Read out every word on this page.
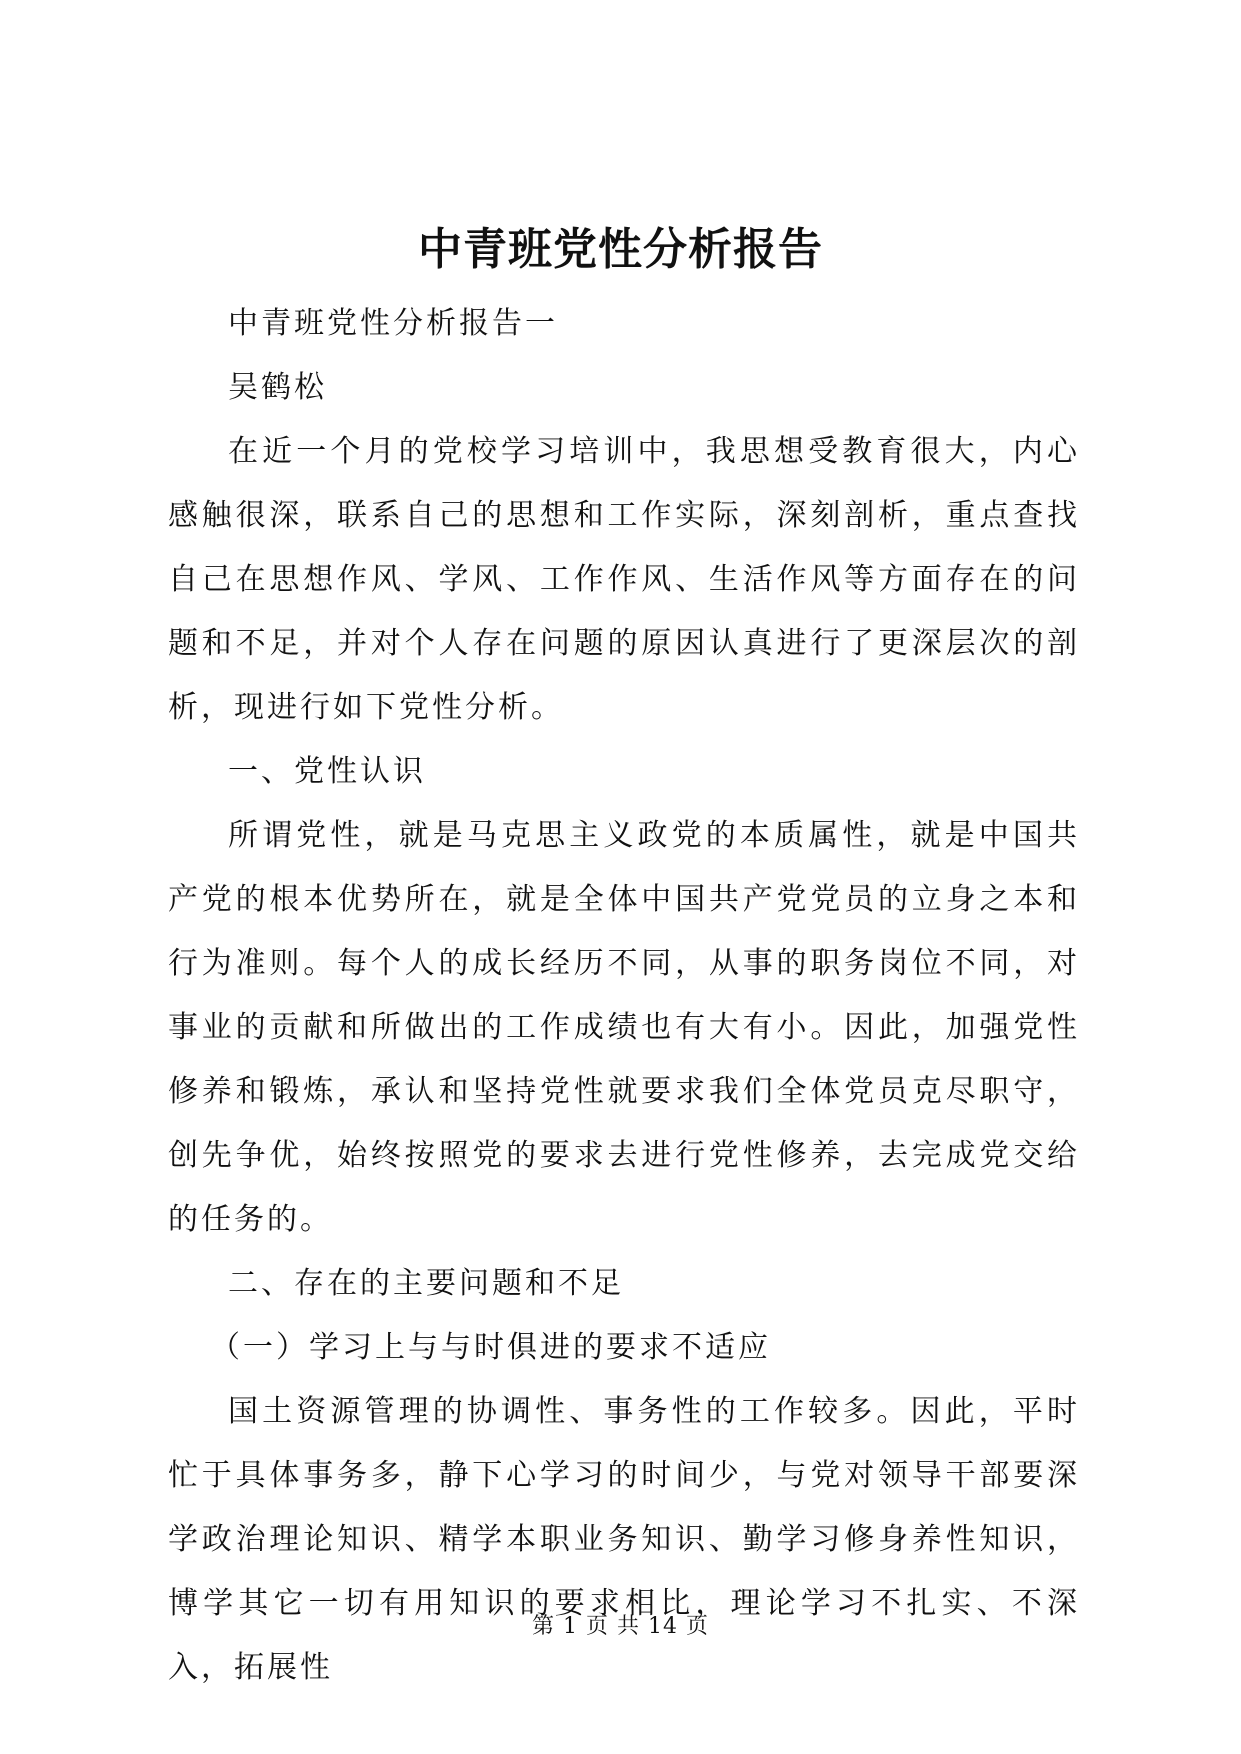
中青班党性分析报告

中青班党性分析报告一

吴鹤松

在近一个月的党校学习培训中，我思想受教育很大，内心感触很深，联系自己的思想和工作实际，深刻剖析，重点查找自己在思想作风、学风、工作作风、生活作风等方面存在的问题和不足，并对个人存在问题的原因认真进行了更深层次的剖析，现进行如下党性分析。

一、党性认识

所谓党性，就是马克思主义政党的本质属性，就是中国共产党的根本优势所在，就是全体中国共产党党员的立身之本和行为准则。每个人的成长经历不同，从事的职务岗位不同，对事业的贡献和所做出的工作成绩也有大有小。因此，加强党性修养和锻炼，承认和坚持党性就要求我们全体党员克尽职守，创先争优，始终按照党的要求去进行党性修养，去完成党交给的任务的。

二、存在的主要问题和不足

（一）学习上与与时俱进的要求不适应

国土资源管理的协调性、事务性的工作较多。因此，平时忙于具体事务多，静下心学习的时间少，与党对领导干部要深学政治理论知识、精学本职业务知识、勤学习修身养性知识，博学其它一切有用知识的要求相比，理论学习不扎实、不深入，拓展性

第 1 页 共 14 页
